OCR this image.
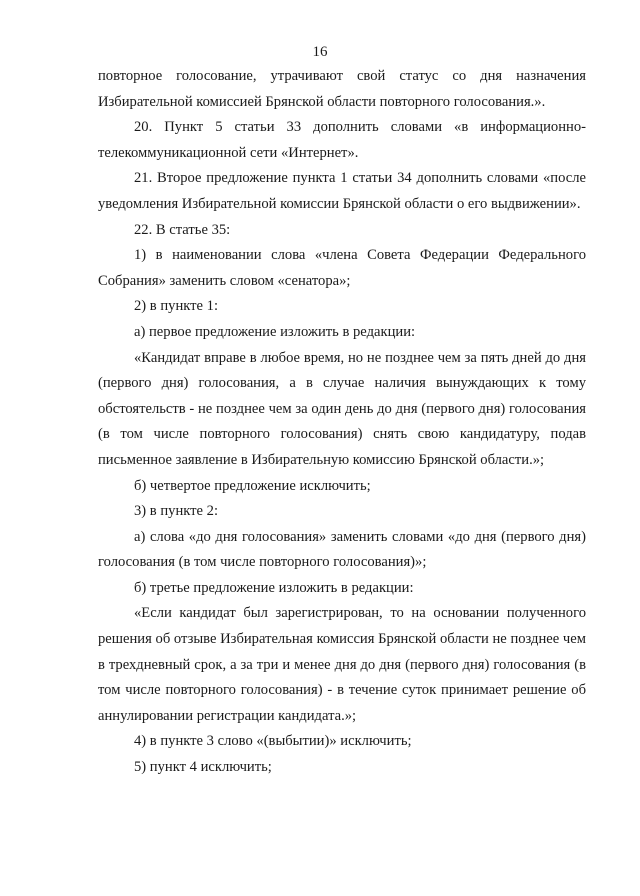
16

повторное голосование, утрачивают свой статус со дня назначения Избирательной комиссией Брянской области повторного голосования.».

20. Пункт 5 статьи 33 дополнить словами «в информационно-телекоммуникационной сети «Интернет».

21. Второе предложение пункта 1 статьи 34 дополнить словами «после уведомления Избирательной комиссии Брянской области о его выдвижении».

22. В статье 35:

1) в наименовании слова «члена Совета Федерации Федерального Собрания» заменить словом «сенатора»;

2) в пункте 1:

а) первое предложение изложить в редакции:

«Кандидат вправе в любое время, но не позднее чем за пять дней до дня (первого дня) голосования, а в случае наличия вынуждающих к тому обстоятельств - не позднее чем за один день до дня (первого дня) голосования (в том числе повторного голосования) снять свою кандидатуру, подав письменное заявление в Избирательную комиссию Брянской области.»;

б) четвертое предложение исключить;

3) в пункте 2:

а) слова «до дня голосования» заменить словами «до дня (первого дня) голосования (в том числе повторного голосования)»;

б) третье предложение изложить в редакции:

«Если кандидат был зарегистрирован, то на основании полученного решения об отзыве Избирательная комиссия Брянской области не позднее чем в трехдневный срок, а за три и менее дня до дня (первого дня) голосования (в том числе повторного голосования) - в течение суток принимает решение об аннулировании регистрации кандидата.»;

4) в пункте 3 слово «(выбытии)» исключить;

5) пункт 4 исключить;
